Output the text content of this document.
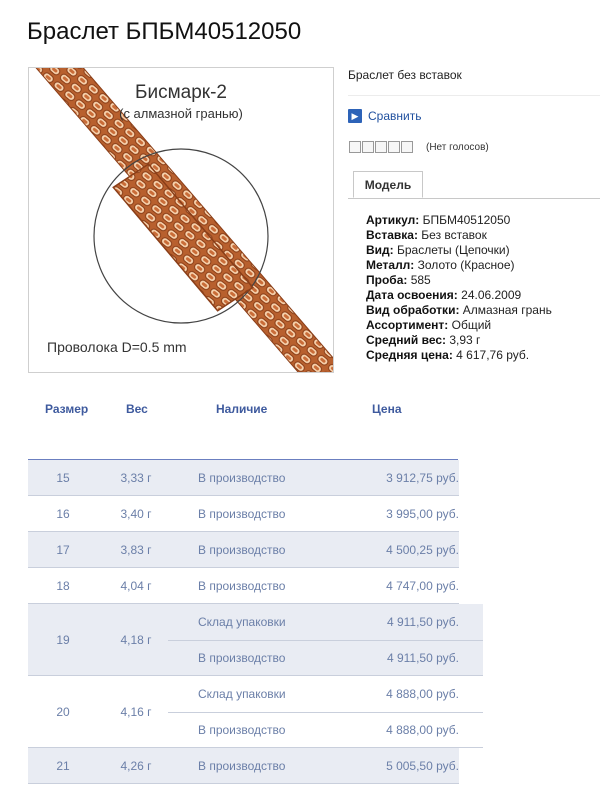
Браслет БПБМ40512050
Бисмарк-2
(с алмазной гранью)
Проволока D=0.5 mm
Браслет без вставок
▶ Сравнить
(Нет голосов)
Модель
Артикул: БПБМ40512050
Вставка: Без вставок
Вид: Браслеты (Цепочки)
Металл: Золото (Красное)
Проба: 585
Дата освоения: 24.06.2009
Вид обработки: Алмазная грань
Ассортимент: Общий
Средний вес: 3,93 г
Средняя цена: 4 617,76 руб.
Размер	Вес	Наличие	Цена
15	3,33 г	В производство	3 912,75 руб.
16	3,40 г	В производство	3 995,00 руб.
17	3,83 г	В производство	4 500,25 руб.
18	4,04 г	В производство	4 747,00 руб.
19	4,18 г
Склад упаковки	4 911,50 руб.
В производство	4 911,50 руб.
20	4,16 г
Склад упаковки	4 888,00 руб.
В производство	4 888,00 руб.
21	4,26 г	В производство	5 005,50 руб.
